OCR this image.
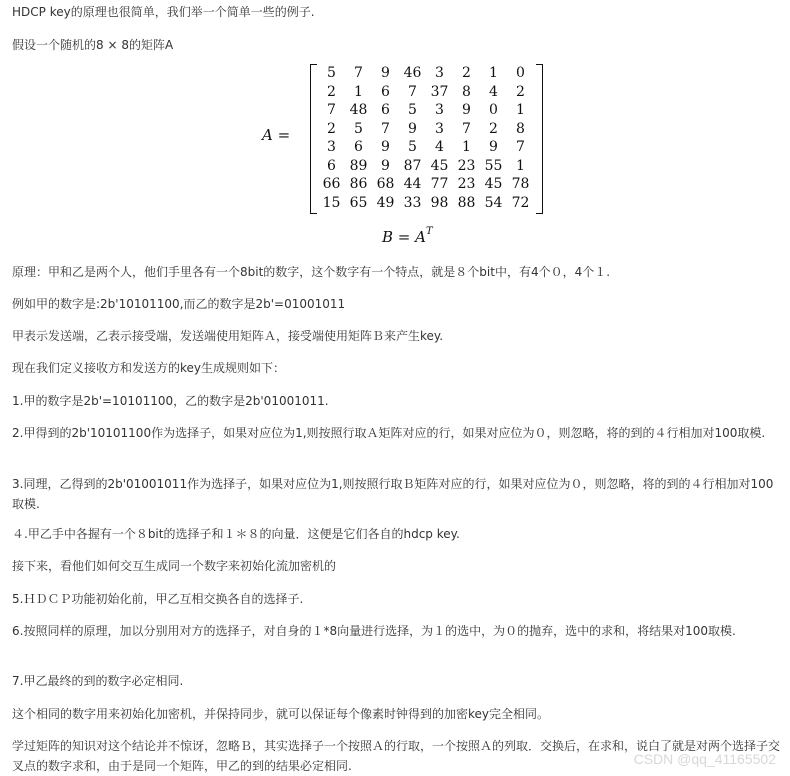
HDCP key的原理也很简单，我们举一个简单一些的例子.
假设一个随机的8 × 8的矩阵A
A =
5	7	9 46 3	2	1	0
2	1	6	7 37 8	4	2
7 48 6	5	3	9	0	1
2	5	7	9	3	7	2	8
3	6	9	5	4	1	9	7
6 89 9 87 45 23 55 1
66 86 68 44 77 23 45 78
15 65 49 33 98 88 54 72
$B = A^T$
原理：甲和乙是两个人，他们手里各有一个8bit的数字，这个数字有一个特点，就是８个bit中，有4个０，4个１.
例如甲的数字是:2b'10101100,而乙的数字是2b'=01001011
甲表示发送端，乙表示接受端，发送端使用矩阵Ａ，接受端使用矩阵Ｂ来产生key.
现在我们定义接收方和发送方的key生成规则如下：
1.甲的数字是2b'=10101100，乙的数字是2b'01001011.
2.甲得到的2b'10101100作为选择子，如果对应位为1,则按照行取Ａ矩阵对应的行，如果对应位为０，则忽略，将的到的４行相加对100取模.
3.同理，乙得到的2b'01001011作为选择子，如果对应位为1,则按照行取Ｂ矩阵对应的行，如果对应位为０，则忽略，将的到的４行相加对100取模.
４.甲乙手中各握有一个８bit的选择子和１＊８的向量．这便是它们各自的hdcp key.
接下来，看他们如何交互生成同一个数字来初始化流加密机的
5.ＨＤＣＰ功能初始化前，甲乙互相交换各自的选择子.
6.按照同样的原理，加以分别用对方的选择子，对自身的１*8向量进行选择，为１的选中，为０的抛弃，选中的求和，将结果对100取模.
7.甲乙最终的到的数字必定相同.
这个相同的数字用来初始化加密机，并保持同步，就可以保证每个像素时钟得到的加密key完全相同。
学过矩阵的知识对这个结论并不惊讶，忽略Ｂ，其实选择子一个按照Ａ的行取，一个按照Ａ的列取．交换后，在求和，说白了就是对两个选择子交叉点的数字求和，由于是同一个矩阵，甲乙的到的结果必定相同.	CSDN @qq_41165502
